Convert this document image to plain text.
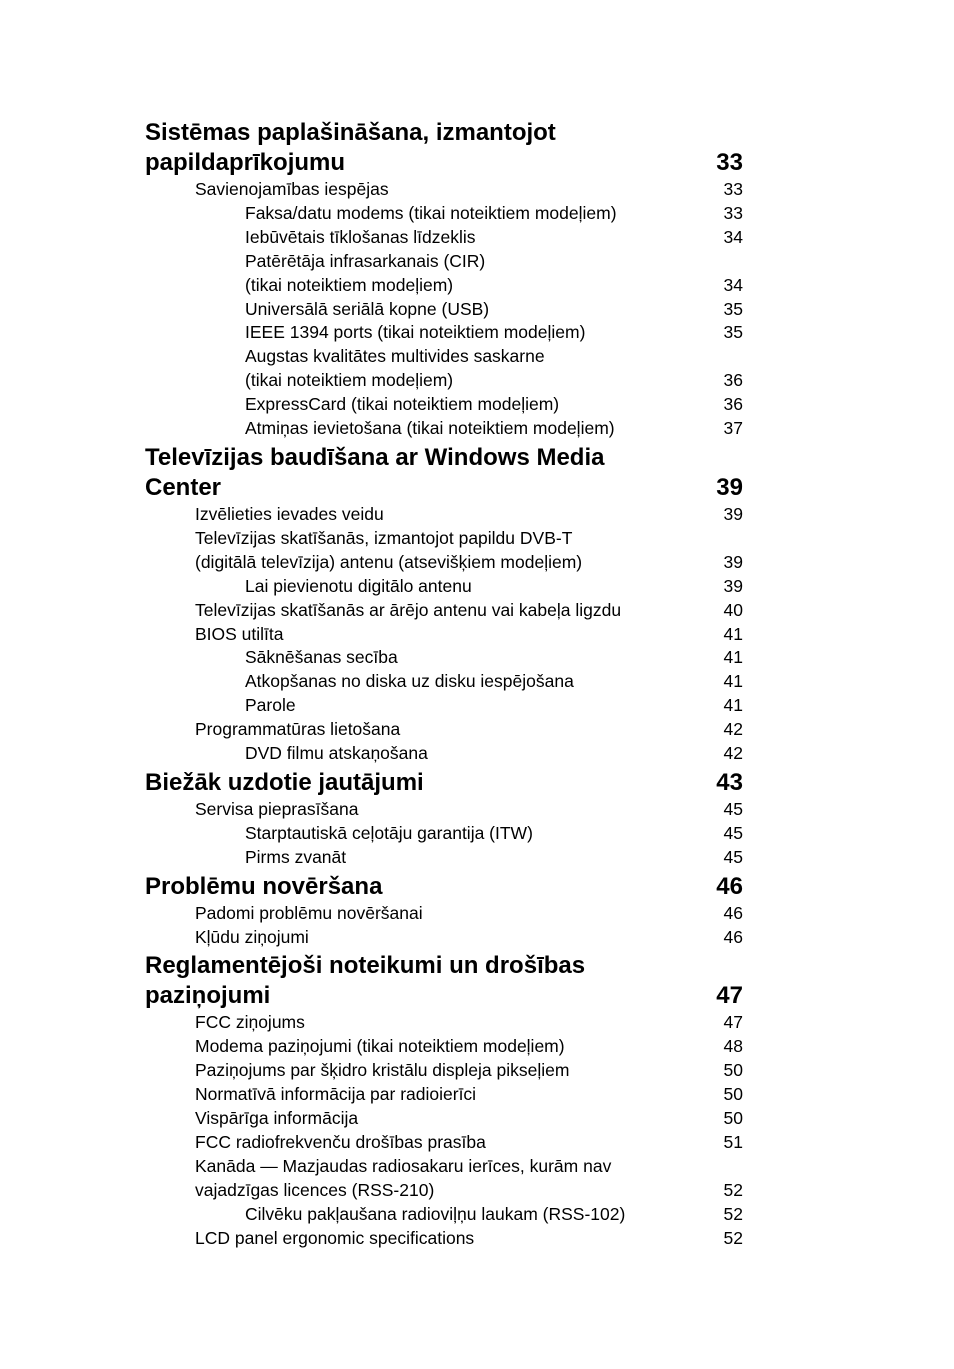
Sistēmas paplašināšana, izmantojot
papildaprīkojumu	33
Savienojamības iespējas	33
Faksa/datu modems (tikai noteiktiem modeļiem)	33
Iebūvētais tīklošanas līdzeklis	34
Patērētāja infrasarkanais (CIR)
(tikai noteiktiem modeļiem)	34
Universālā seriālā kopne (USB)	35
IEEE 1394 ports (tikai noteiktiem modeļiem)	35
Augstas kvalitātes multivides saskarne
(tikai noteiktiem modeļiem)	36
ExpressCard (tikai noteiktiem modeļiem)	36
Atmiņas ievietošana (tikai noteiktiem modeļiem)	37
Televīzijas baudīšana ar Windows Media
Center	39
Izvēlieties ievades veidu	39
Televīzijas skatīšanās, izmantojot papildu DVB-T
(digitālā televīzija) antenu (atsevišķiem modeļiem)	39
Lai pievienotu digitālo antenu	39
Televīzijas skatīšanās ar ārējo antenu vai kabeļa ligzdu	40
BIOS utilīta	41
Sāknēšanas secība	41
Atkopšanas no diska uz disku iespējošana	41
Parole	41
Programmatūras lietošana	42
DVD filmu atskaņošana	42
Biežāk uzdotie jautājumi	43
Servisa pieprasīšana	45
Starptautiskā ceļotāju garantija (ITW)	45
Pirms zvanāt	45
Problēmu novēršana	46
Padomi problēmu novēršanai	46
Kļūdu ziņojumi	46
Reglamentējoši noteikumi un drošības
paziņojumi	47
FCC ziņojums	47
Modema paziņojumi (tikai noteiktiem modeļiem)	48
Paziņojums par šķidro kristālu displeja pikseļiem	50
Normatīvā informācija par radioierīci	50
Vispārīga informācija	50
FCC radiofrekvenču drošības prasība	51
Kanāda — Mazjaudas radiosakaru ierīces, kurām nav
vajadzīgas licences (RSS-210)	52
Cilvēku pakļaušana radioviļņu laukam (RSS-102)	52
LCD panel ergonomic specifications	52
